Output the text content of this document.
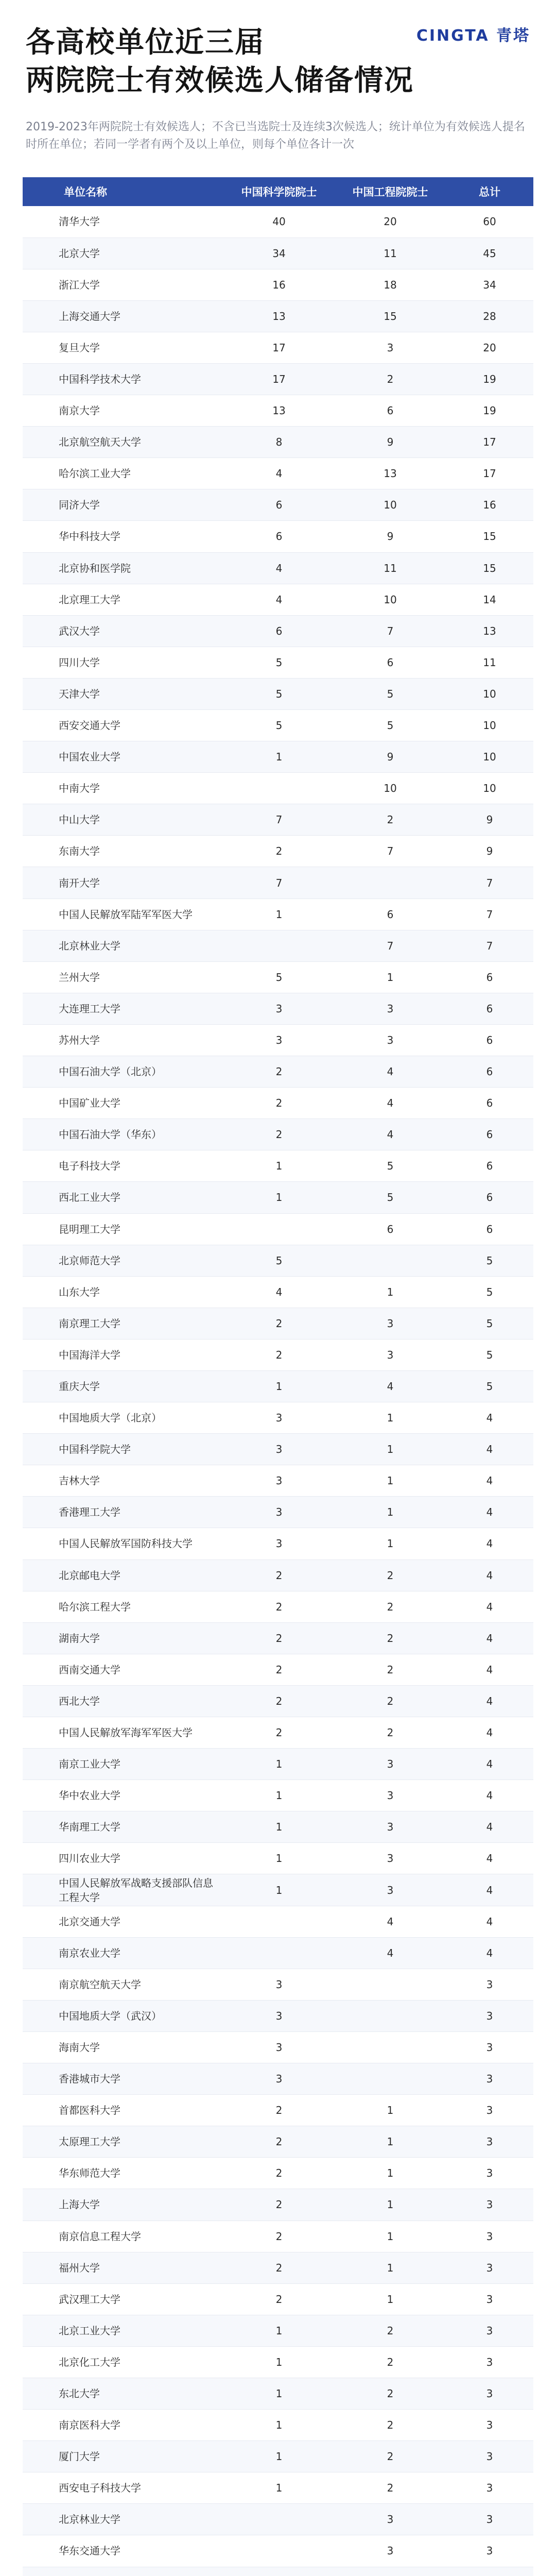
各高校单位近三届
两院院士有效候选人储备情况
CINGTA 青塔
2019-2023年两院院士有效候选人；不含已当选院士及连续3次候选人；统计单位为有效候选人提名时所在单位；若同一学者有两个及以上单位，则每个单位各计一次
单位名称	中国科学院院士	中国工程院院士	总计
清华大学	40	20	60
北京大学	34	11	45
浙江大学	16	18	34
上海交通大学	13	15	28
复旦大学	17	3	20
中国科学技术大学	17	2	19
南京大学	13	6	19
北京航空航天大学	8	9	17
哈尔滨工业大学	4	13	17
同济大学	6	10	16
华中科技大学	6	9	15
北京协和医学院	4	11	15
北京理工大学	4	10	14
武汉大学	6	7	13
四川大学	5	6	11
天津大学	5	5	10
西安交通大学	5	5	10
中国农业大学	1	9	10
中南大学		10	10
中山大学	7	2	9
东南大学	2	7	9
南开大学	7		7
中国人民解放军陆军军医大学	1	6	7
北京林业大学		7	7
兰州大学	5	1	6
大连理工大学	3	3	6
苏州大学	3	3	6
中国石油大学（北京）	2	4	6
中国矿业大学	2	4	6
中国石油大学（华东）	2	4	6
电子科技大学	1	5	6
西北工业大学	1	5	6
昆明理工大学		6	6
北京师范大学	5		5
山东大学	4	1	5
南京理工大学	2	3	5
中国海洋大学	2	3	5
重庆大学	1	4	5
中国地质大学（北京）	3	1	4
中国科学院大学	3	1	4
吉林大学	3	1	4
香港理工大学	3	1	4
中国人民解放军国防科技大学	3	1	4
北京邮电大学	2	2	4
哈尔滨工程大学	2	2	4
湖南大学	2	2	4
西南交通大学	2	2	4
西北大学	2	2	4
中国人民解放军海军军医大学	2	2	4
南京工业大学	1	3	4
华中农业大学	1	3	4
华南理工大学	1	3	4
四川农业大学	1	3	4
中国人民解放军战略支援部队信息工程大学	1	3	4
北京交通大学		4	4
南京农业大学		4	4
南京航空航天大学	3		3
中国地质大学（武汉）	3		3
海南大学	3		3
香港城市大学	3		3
首都医科大学	2	1	3
太原理工大学	2	1	3
华东师范大学	2	1	3
上海大学	2	1	3
南京信息工程大学	2	1	3
福州大学	2	1	3
武汉理工大学	2	1	3
北京工业大学	1	2	3
北京化工大学	1	2	3
东北大学	1	2	3
南京医科大学	1	2	3
厦门大学	1	2	3
西安电子科技大学	1	2	3
北京林业大学		3	3
华东交通大学		3	3
